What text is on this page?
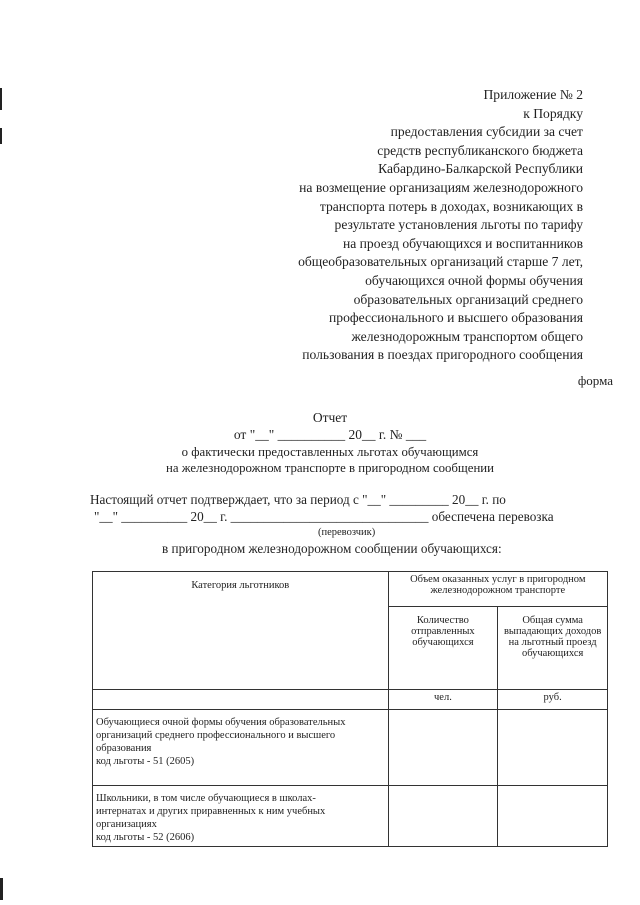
Приложение № 2
к Порядку
предоставления субсидии за счет
средств республиканского бюджета
Кабардино-Балкарской Республики
на возмещение организациям железнодорожного
транспорта потерь в доходах, возникающих в
результате установления льготы по тарифу
на проезд обучающихся и воспитанников
общеобразовательных организаций старше 7 лет,
обучающихся очной формы обучения
образовательных организаций среднего
профессионального и высшего образования
железнодорожным транспортом общего
пользования в поездах пригородного сообщения
форма
Отчет
от "__" __________ 20__ г. № ___
о фактически предоставленных льготах обучающимся
на железнодорожном транспорте в пригородном сообщении
Настоящий отчет подтверждает, что за период с "__" _________ 20__ г. по
"__" __________ 20__ г. ______________________________ обеспечена перевозка
(перевозчик)
в пригородном железнодорожном сообщении обучающихся:
Категория льготников	Объем оказанных услуг в пригородном железнодорожном транспорте	
	Количество отправленных обучающихся	Общая сумма выпадающих доходов на льготный проезд обучающихся
	чел.	руб.

Обучающиеся очной формы обучения образовательных
организаций среднего профессионального и высшего
образования
код льготы - 51 (2605)		

Школьники, в том числе обучающиеся в школах-
интернатах и других приравненных к ним учебных
организациях
код льготы - 52 (2606)		
